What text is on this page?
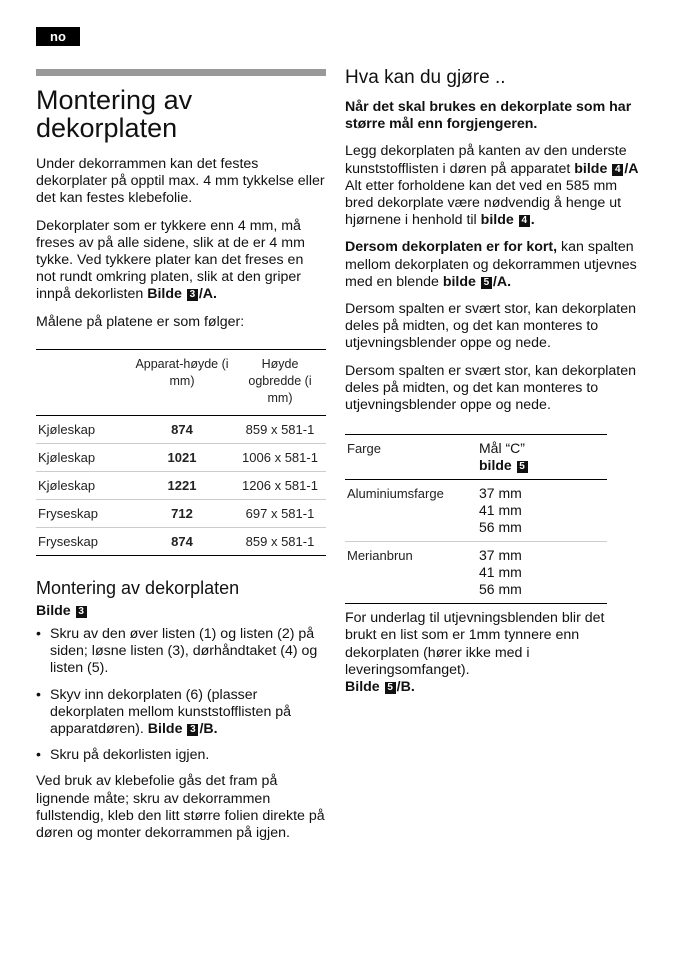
no
Montering av dekorplaten

Under dekorrammen kan det festes dekorplater på opptil max. 4 mm tykkelse eller det kan festes klebefolie.

Dekorplater som er tykkere enn 4 mm, må freses av på alle sidene, slik at de er 4 mm tykke. Ved tykkere plater kan det freses en not rundt omkring platen, slik at den griper innpå dekorlisten Bilde 3 /A.

Målene på platene er som følger:

	Apparat-høyde (i mm)	Høyde ogbredde (i mm)
Kjøleskap	874	859 x 581-1
Kjøleskap	1021	1006 x 581-1
Kjøleskap	1221	1206 x 581-1
Fryseskap	712	697 x 581-1
Fryseskap	874	859 x 581-1
Montering av dekorplaten

Bilde 3

• Skru av den øver listen (1) og listen (2) på siden; løsne listen (3), dørhåndtaket (4) og listen (5).
• Skyv inn dekorplaten (6) (plasser dekorplaten mellom kunststofflisten på apparatdøren). Bilde 3 /B.
• Skru på dekorlisten igjen.

Ved bruk av klebefolie gås det fram på lignende måte; skru av dekorrammen fullstendig, kleb den litt større folien direkte på døren og monter dekorrammen på igjen.

Hva kan du gjøre ..

Når det skal brukes en dekorplate som har større mål enn forgjengeren.

Legg dekorplaten på kanten av den underste kunststofflisten i døren på apparatet bilde 4 /A

Alt etter forholdene kan det ved en 585 mm bred dekorplate være nødvendig å henge ut hjørnene i henhold til bilde 4 .

Dersom dekorplaten er for kort, kan spalten mellom dekorplaten og dekorrammen utjevnes med en blende bilde 5 /A.

Dersom spalten er svært stor, kan dekorplaten deles på midten, og det kan monteres to utjevningsblender oppe og nede.

Dersom spalten er svært stor, kan dekorplaten deles på midten, og det kan monteres to utjevningsblender oppe og nede.

Farge	Mål “C”
bilde 5
Aluminiumsfarge	37 mm
41 mm
56 mm

Merianbrun	37 mm
41 mm
56 mm

For underlag til utjevningsblenden blir det brukt en list som er 1mm tynnere enn dekorplaten (hører ikke med i leveringsomfanget).
Bilde 5 /B.
